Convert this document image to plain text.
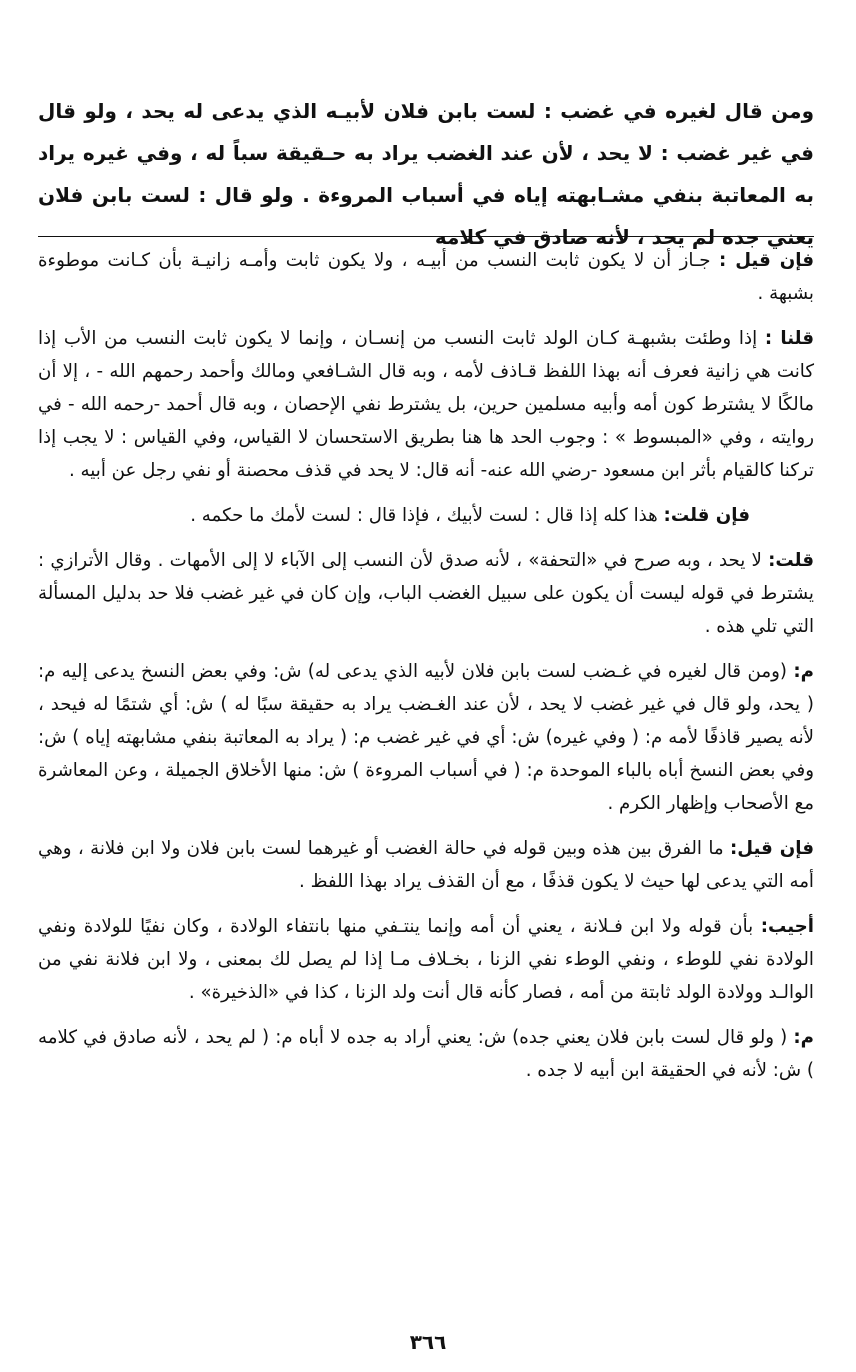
ومن قال لغيره في غضب : لست بابن فلان لأبيـه الذي يدعى له يحد ، ولو قال في غير غضب : لا يحد ، لأن عند الغضب يراد به حـقيقة سباً له ، وفي غيره يراد به المعاتبة بنفي مشـابهته إياه في أسباب المروءة . ولو قال : لست بابن فلان يعني جده لم يحد ، لأنه صادق في كلامه

فإن قيل : جـاز أن لا يكون ثابت النسب من أبيـه ، ولا يكون ثابت وأمـه زانيـة بأن كـانت موطوءة بشبهة .

قلنا : إذا وطئت بشبهـة كـان الولد ثابت النسب من إنسـان ، وإنما لا يكون ثابت النسب من الأب إذا كانت هي زانية فعرف أنه بهذا اللفظ قـاذف لأمه ، وبه قال الشـافعي ومالك وأحمد رحمهم الله - ، إلا أن مالكًا لا يشترط كون أمه وأبيه مسلمين حرين، بل يشترط نفي الإحصان ، وبه قال أحمد -رحمه الله - في روايته ، وفي «المبسوط » : وجوب الحد ها هنا بطريق الاستحسان لا القياس، وفي القياس : لا يجب إذا تركنا كالقيام بأثر ابن مسعود -رضي الله عنه- أنه قال: لا يحد في قذف محصنة أو نفي رجل عن أبيه .

فإن قلت: هذا كله إذا قال : لست لأبيك ، فإذا قال : لست لأمك ما حكمه .

قلت: لا يحد ، وبه صرح في «التحفة» ، لأنه صدق لأن النسب إلى الآباء لا إلى الأمهات . وقال الأترازي : يشترط في قوله ليست أن يكون على سبيل الغضب الباب، وإن كان في غير غضب فلا حد بدليل المسألة التي تلي هذه .

م: (ومن قال لغيره في غـضب لست بابن فلان لأبيه الذي يدعى له) ش: وفي بعض النسخ يدعى إليه م: ( يحد، ولو قال في غير غضب لا يحد ، لأن عند الغـضب يراد به حقيقة سبًا له ) ش: أي شتمًا له فيحد ، لأنه يصير قاذفًا لأمه م: ( وفي غيره) ش: أي في غير غضب م: ( يراد به المعاتبة بنفي مشابهته إياه ) ش: وفي بعض النسخ أباه بالباء الموحدة م: ( في أسباب المروءة ) ش: منها الأخلاق الجميلة ، وعن المعاشرة مع الأصحاب وإظهار الكرم .

فإن قيل: ما الفرق بين هذه وبين قوله في حالة الغضب أو غيرهما لست بابن فلان ولا ابن فلانة ، وهي أمه التي يدعى لها حيث لا يكون قذفًا ، مع أن القذف يراد بهذا اللفظ .

أجيب: بأن قوله ولا ابن فـلانة ، يعني أن أمه وإنما ينتـفي منها بانتفاء الولادة ، وكان نفيًا للولادة ونفي الولادة نفي للوطء ، ونفي الوطء نفي الزنا ، بخـلاف مـا إذا لم يصل لك بمعنى ، ولا ابن فلانة نفي من الوالـد وولادة الولد ثابتة من أمه ، فصار كأنه قال أنت ولد الزنا ، كذا في «الذخيرة» .

م: ( ولو قال لست بابن فلان يعني جده) ش: يعني أراد به جده لا أباه م: ( لم يحد ، لأنه صادق في كلامه ) ش: لأنه في الحقيقة ابن أبيه لا جده .

٣٦٦
